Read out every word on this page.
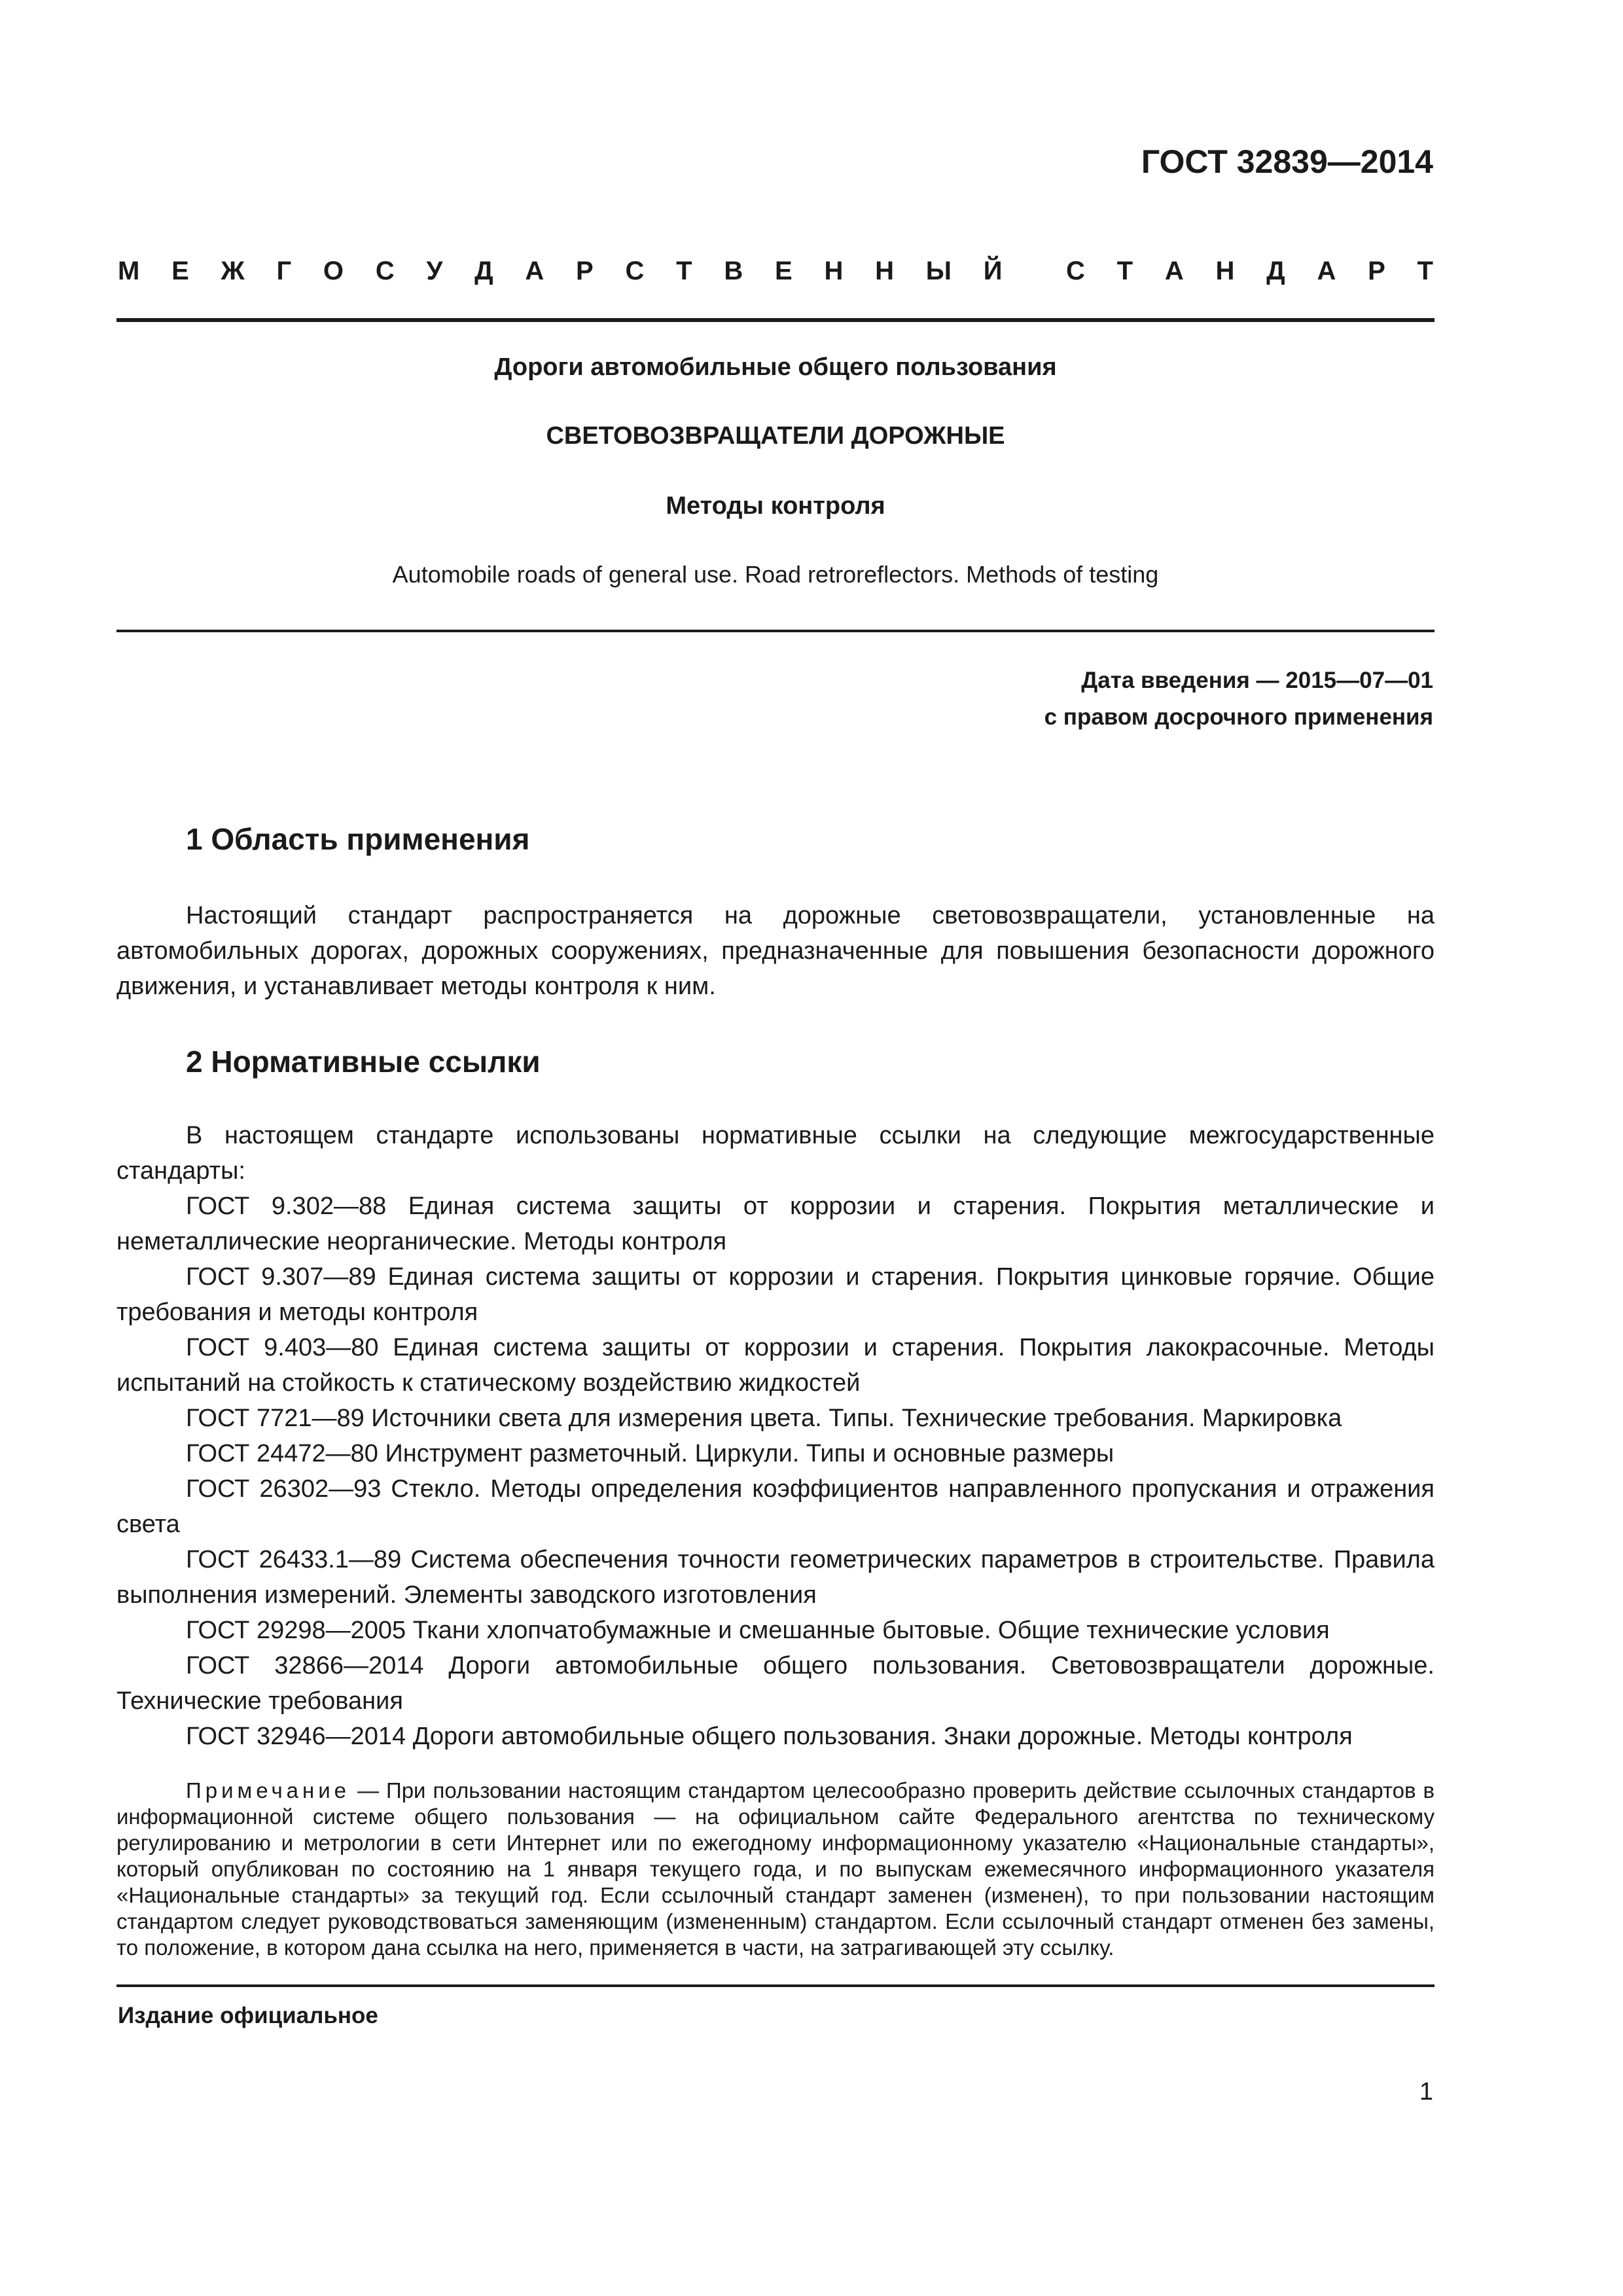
ГОСТ 32839—2014
М Е Ж Г О С У Д А Р С Т В Е Н Н Ы Й С Т А Н Д А Р Т
Дороги автомобильные общего пользования
СВЕТОВОЗВРАЩАТЕЛИ ДОРОЖНЫЕ
Методы контроля
Automobile roads of general use. Road retroreflectors. Methods of testing
Дата введения — 2015—07—01
с правом досрочного применения
1 Область применения

Настоящий стандарт распространяется на дорожные световозвращатели, установленные на автомобильных дорогах, дорожных сооружениях, предназначенные для повышения безопасности дорожного движения, и устанавливает методы контроля к ним.

2 Нормативные ссылки

В настоящем стандарте использованы нормативные ссылки на следующие межгосударственные стандарты:

ГОСТ 9.302—88 Единая система защиты от коррозии и старения. Покрытия металлические и неметаллические неорганические. Методы контроля

ГОСТ 9.307—89 Единая система защиты от коррозии и старения. Покрытия цинковые горячие. Общие требования и методы контроля

ГОСТ 9.403—80 Единая система защиты от коррозии и старения. Покрытия лакокрасочные. Методы испытаний на стойкость к статическому воздействию жидкостей

ГОСТ 7721—89 Источники света для измерения цвета. Типы. Технические требования. Маркировка

ГОСТ 24472—80 Инструмент разметочный. Циркули. Типы и основные размеры

ГОСТ 26302—93 Стекло. Методы определения коэффициентов направленного пропускания и отражения света

ГОСТ 26433.1—89 Система обеспечения точности геометрических параметров в строительстве. Правила выполнения измерений. Элементы заводского изготовления

ГОСТ 29298—2005 Ткани хлопчатобумажные и смешанные бытовые. Общие технические условия

ГОСТ 32866—2014 Дороги автомобильные общего пользования. Световозвращатели дорожные. Технические требования

ГОСТ 32946—2014 Дороги автомобильные общего пользования. Знаки дорожные. Методы контроля

Примечание — При пользовании настоящим стандартом целесообразно проверить действие ссылочных стандартов в информационной системе общего пользования — на официальном сайте Федерального агентства по техническому регулированию и метрологии в сети Интернет или по ежегодному информационному указателю «Национальные стандарты», который опубликован по состоянию на 1 января текущего года, и по выпускам ежемесячного информационного указателя «Национальные стандарты» за текущий год. Если ссылочный стандарт заменен (изменен), то при пользовании настоящим стандартом следует руководствоваться заменяющим (измененным) стандартом. Если ссылочный стандарт отменен без замены, то положение, в котором дана ссылка на него, применяется в части, на затрагивающей эту ссылку.

Издание официальное
1
